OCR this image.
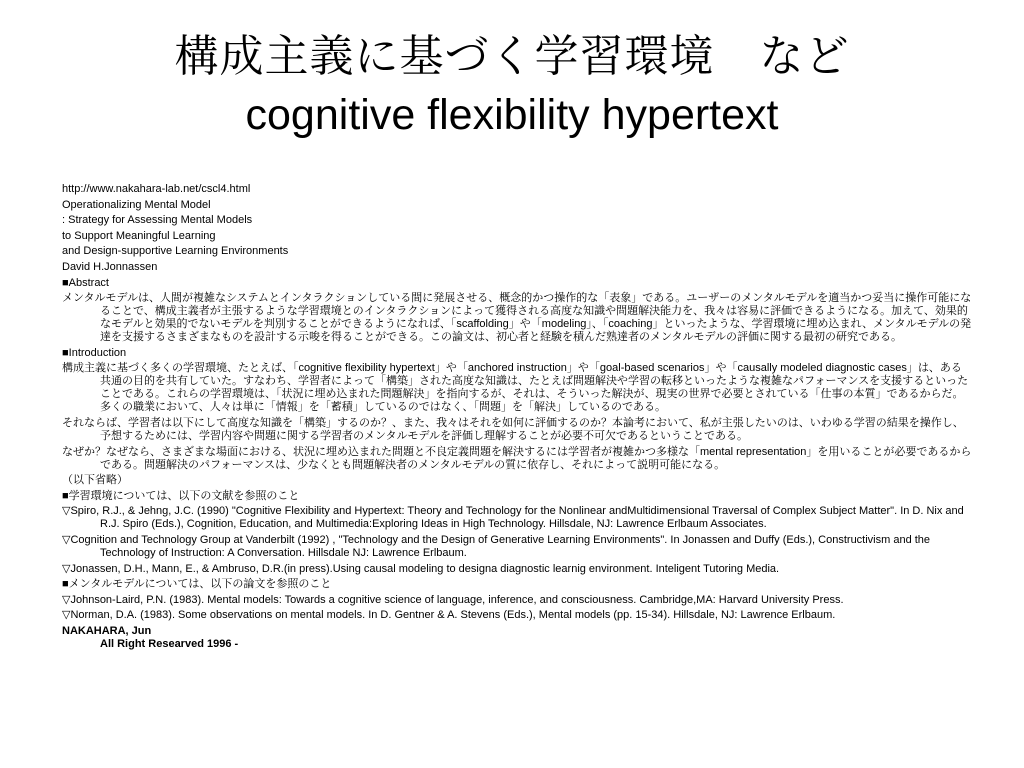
構成主義に基づく学習環境　など
cognitive flexibility hypertext
http://www.nakahara-lab.net/cscl4.html
Operationalizing Mental Model
: Strategy for Assessing Mental Models
to Support Meaningful Learning
and Design-supportive Learning Environments
David H.Jonnassen
■Abstract
メンタルモデルは、人間が複雑なシステムとインタラクションしている間に発展させる、概念的かつ操作的な「表象」である。ユーザーのメンタルモデルを適当かつ妥当に操作可能になることで、構成主義者が主張するような学習環境とのインタラクションによって獲得される高度な知識や問題解決能力を、我々は容易に評価できるようになる。加えて、効果的なモデルと効果的でないモデルを判別することができるようになれば、「scaffolding」や「modeling」、「coaching」といったような、学習環境に埋め込まれ、メンタルモデルの発達を支援するさまざまなものを設計する示唆を得ることができる。この論文は、初心者と経験を積んだ熟達者のメンタルモデルの評価に関する最初の研究である。
■Introduction
構成主義に基づく多くの学習環境、たとえば、「cognitive flexibility hypertext」や「anchored instruction」や「goal-based scenarios」や「causally modeled diagnostic cases」は、ある共通の目的を共有していた。すなわち、学習者によって「構築」された高度な知識は、たとえば問題解決や学習の転移といったような複雑なパフォーマンスを支援するといったことである。これらの学習環境は、「状況に埋め込まれた問題解決」を指向するが、それは、そういった解決が、現実の世界で必要とされている「仕事の本質」であるからだ。多くの職業において、人々は単に「情報」を「蓄積」しているのではなく、「問題」を「解決」しているのである。
それならば、学習者は以下にして高度な知識を「構築」するのか？、また、我々はそれを如何に評価するのか？本論考において、私が主張したいのは、いわゆる学習の結果を操作し、予想するためには、学習内容や問題に関する学習者のメンタルモデルを評価し理解することが必要不可欠であるということである。
なぜか？なぜなら、さまざまな場面における、状況に埋め込まれた問題と不良定義問題を解決するには学習者が複雑かつ多様な「mental representation」を用いることが必要であるからである。問題解決のパフォーマンスは、少なくとも問題解決者のメンタルモデルの質に依存し、それによって説明可能になる。
（以下省略）
■学習環境については、以下の文献を参照のこと
▽Spiro, R.J., & Jehng, J.C. (1990) "Cognitive Flexibility and Hypertext: Theory and Technology for the Nonlinear andMultidimensional Traversal of Complex Subject Matter". In D. Nix and R.J. Spiro (Eds.), Cognition, Education, and Multimedia:Exploring Ideas in High Technology. Hillsdale, NJ: Lawrence Erlbaum Associates.
▽Cognition and Technology Group at Vanderbilt (1992) , "Technology and the Design of Generative Learning Environments". In Jonassen and Duffy (Eds.), Constructivism and the Technology of Instruction: A Conversation. Hillsdale NJ: Lawrence Erlbaum.
▽Jonassen, D.H., Mann, E., & Ambruso, D.R.(in press).Using causal modeling to designa diagnostic learnig environment. Inteligent Tutoring Media.
■メンタルモデルについては、以下の論文を参照のこと
▽Johnson-Laird, P.N. (1983). Mental models: Towards a cognitive science of language, inference, and consciousness. Cambridge,MA: Harvard University Press.
▽Norman, D.A. (1983). Some observations on mental models. In D. Gentner & A. Stevens (Eds.), Mental models (pp. 15-34). Hillsdale, NJ: Lawrence Erlbaum.
NAKAHARA, Jun
All Right Researved 1996 -
